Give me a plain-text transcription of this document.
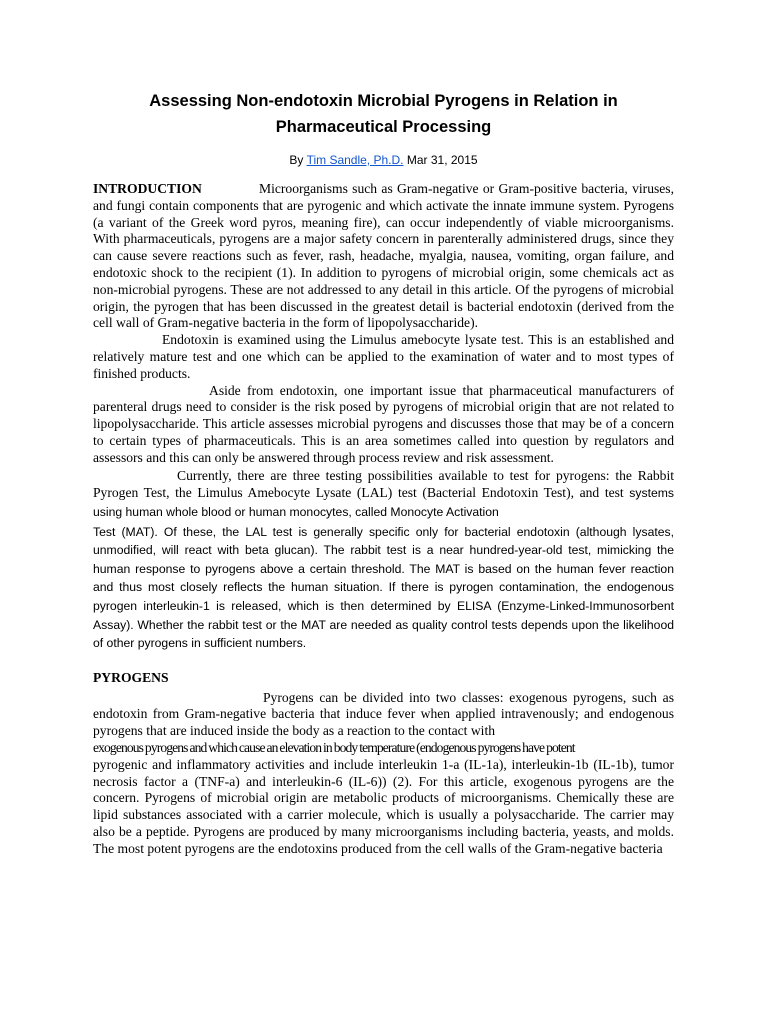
Assessing Non-endotoxin Microbial Pyrogens in Relation in Pharmaceutical Processing
By Tim Sandle, Ph.D. Mar 31, 2015
INTRODUCTION	Microorganisms such as Gram-negative or Gram-positive bacteria, viruses, and fungi contain components that are pyrogenic and which activate the innate immune system. Pyrogens (a variant of the Greek word pyros, meaning fire), can occur independently of viable microorganisms. With pharmaceuticals, pyrogens are a major safety concern in parenterally administered drugs, since they can cause severe reactions such as fever, rash, headache, myalgia, nausea, vomiting, organ failure, and endotoxic shock to the recipient (1). In addition to pyrogens of microbial origin, some chemicals act as non-microbial pyrogens. These are not addressed to any detail in this article. Of the pyrogens of microbial origin, the pyrogen that has been discussed in the greatest detail is bacterial endotoxin (derived from the cell wall of Gram-negative bacteria in the form of lipopolysaccharide).

Endotoxin is examined using the Limulus amebocyte lysate test. This is an established and relatively mature test and one which can be applied to the examination of water and to most types of finished products.

Aside from endotoxin, one important issue that pharmaceutical manufacturers of parenteral drugs need to consider is the risk posed by pyrogens of microbial origin that are not related to lipopolysaccharide. This article assesses microbial pyrogens and discusses those that may be of a concern to certain types of pharmaceuticals. This is an area sometimes called into question by regulators and assessors and this can only be answered through process review and risk assessment.

Currently, there are three testing possibilities available to test for pyrogens: the Rabbit Pyrogen Test, the Limulus Amebocyte Lysate (LAL) test (Bacterial Endotoxin Test), and test systems using human whole blood or human monocytes, called Monocyte Activation
Test (MAT). Of these, the LAL test is generally specific only for bacterial endotoxin (although lysates, unmodified, will react with beta glucan). The rabbit test is a near hundred-year-old test, mimicking the human response to pyrogens above a certain threshold. The MAT is based on the human fever reaction and thus most closely reflects the human situation. If there is pyrogen contamination, the endogenous pyrogen interleukin-1 is released, which is then determined by ELISA (Enzyme-Linked-Immunosorbent Assay). Whether the rabbit test or the MAT are needed as quality control tests depends upon the likelihood of other pyrogens in sufficient numbers.
PYROGENS

Pyrogens can be divided into two classes: exogenous pyrogens, such as endotoxin from Gram-negative bacteria that induce fever when applied intravenously; and endogenous pyrogens that are induced inside the body as a reaction to the contact with

exogenous pyrogens and which cause an elevation in body temperature (endogenous pyrogens have potent

pyrogenic and inflammatory activities and include interleukin 1-a (IL-1a), interleukin-1b (IL-1b), tumor necrosis factor a (TNF-a) and interleukin-6 (IL-6)) (2). For this article, exogenous pyrogens are the concern. Pyrogens of microbial origin are metabolic products of microorganisms. Chemically these are lipid substances associated with a carrier molecule, which is usually a polysaccharide. The carrier may also be a peptide. Pyrogens are produced by many microorganisms including bacteria, yeasts, and molds. The most potent pyrogens are the endotoxins produced from the cell walls of the Gram-negative bacteria
